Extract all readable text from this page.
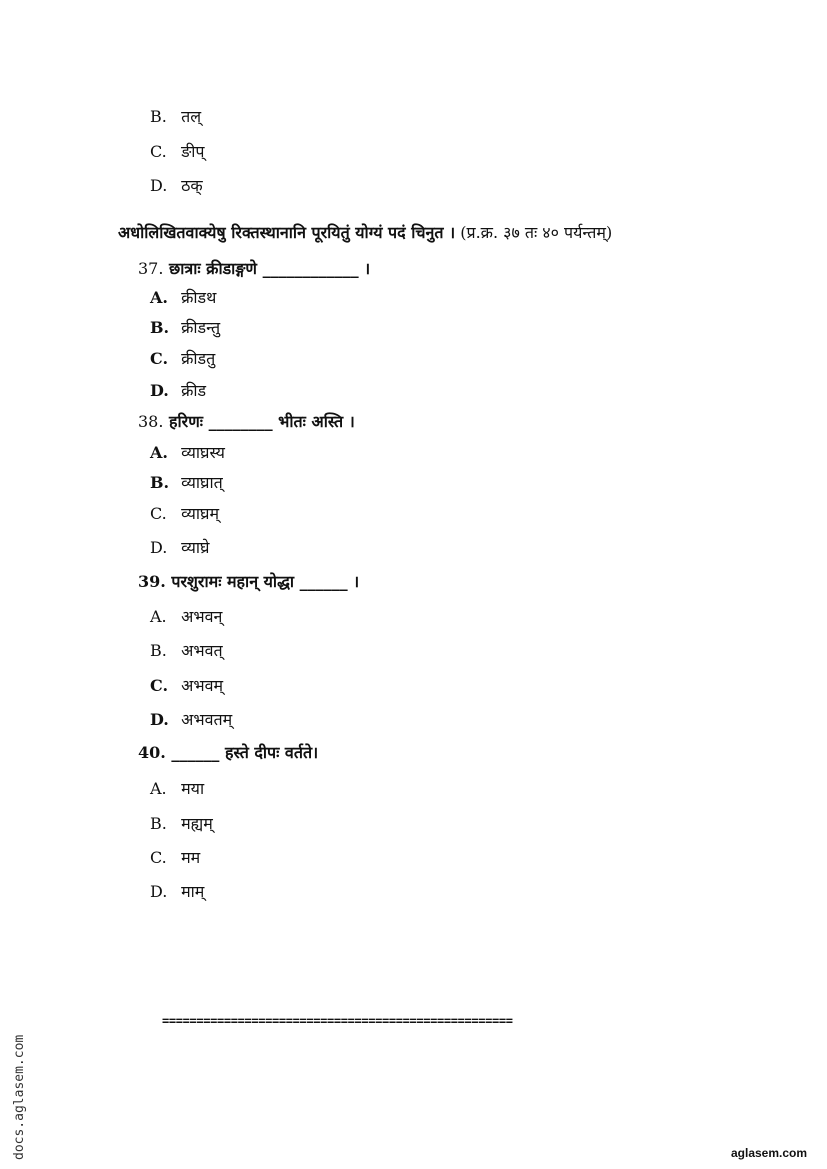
B. तल्
C. ङीप्
D. ठक्
अधोलिखितवाक्येषु रिक्तस्थानानि पूरयितुं योग्यं पदं चिनुत । (प्र.क्र. ३७ तः ४० पर्यन्तम्)
37. छात्राः क्रीडाङ्गणे ____________ ।
A. क्रीडथ
B. क्रीडन्तु
C. क्रीडतु
D. क्रीड
38. हरिणः ________ भीतः अस्ति ।
A. व्याघ्रस्य
B. व्याघ्रात्
C. व्याघ्रम्
D. व्याघ्रे
39. परशुरामः महान् योद्धा ______ ।
A. अभवन्
B. अभवत्
C. अभवम्
D. अभवतम्
40. ______ हस्ते दीपः वर्तते।
A. मया
B. मह्यम्
C. मम
D. माम्
===================================================
docs.aglasem.com	aglasem.com
